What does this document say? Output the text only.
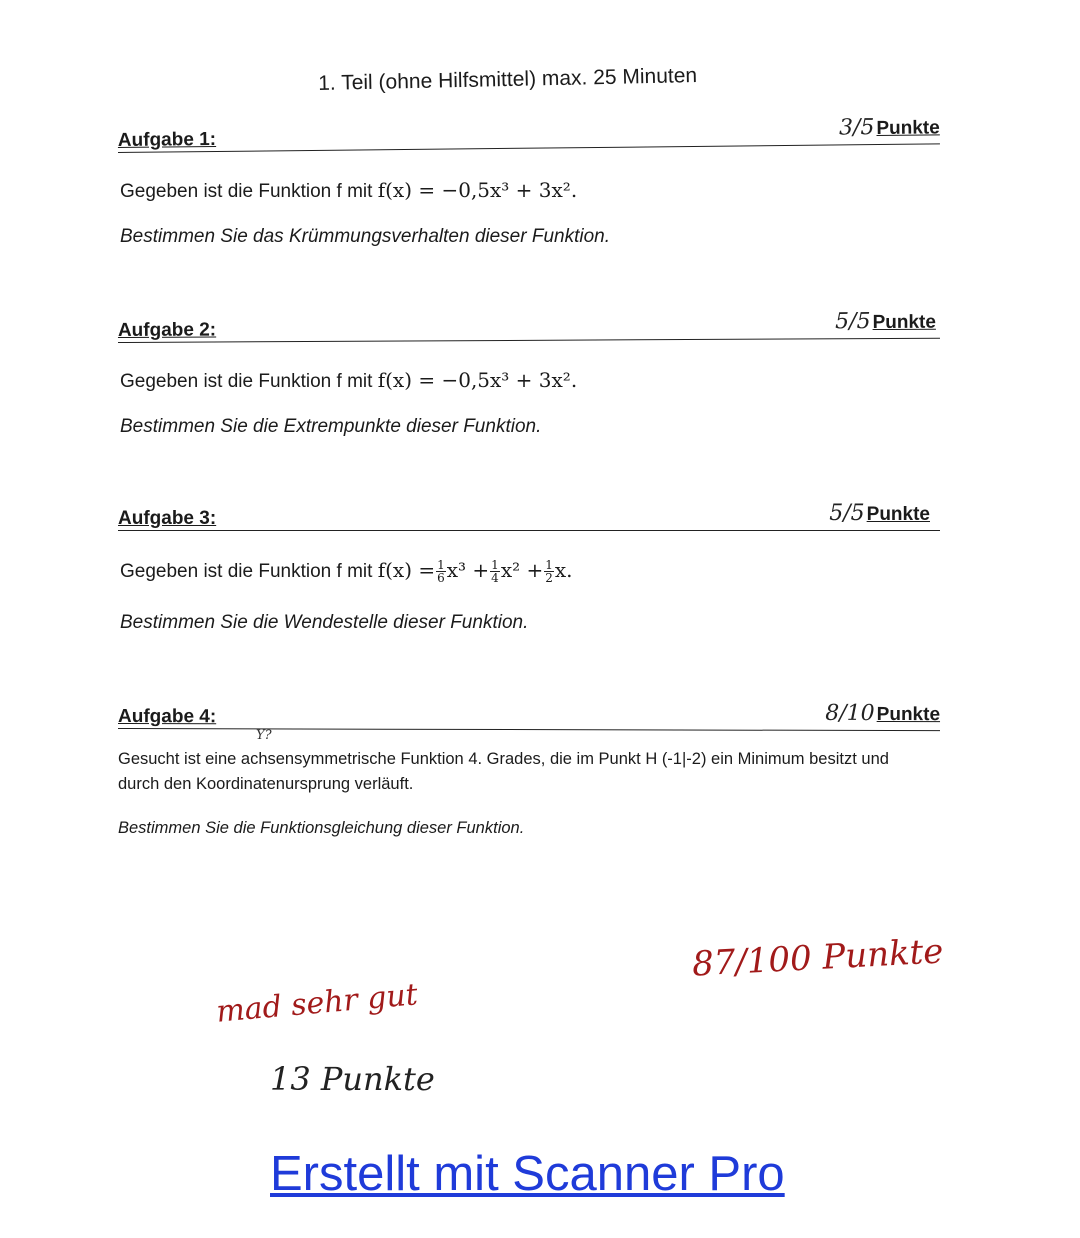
1. Teil (ohne Hilfsmittel) max. 25 Minuten
Aufgabe 1:	3/5 Punkte
Gegeben ist die Funktion f mit f(x) = −0,5x³ + 3x².
Bestimmen Sie das Krümmungsverhalten dieser Funktion.
Aufgabe 2:	5/5 Punkte
Gegeben ist die Funktion f mit f(x) = −0,5x³ + 3x².
Bestimmen Sie die Extrempunkte dieser Funktion.
Aufgabe 3:	5/5 Punkte
Gegeben ist die Funktion f mit $f(x) = \frac{1}{6} x^3 + \frac{1}{4} x^2 + \frac{1}{2} x$.
Bestimmen Sie die Wendestelle dieser Funktion.
Aufgabe 4:	8/10 Punkte
Y?
Gesucht ist eine achsensymmetrische Funktion 4. Grades, die im Punkt H (-1|-2) ein Minimum besitzt und
durch den Koordinatenursprung verläuft.
Bestimmen Sie die Funktionsgleichung dieser Funktion.
87/100 Punkte
mad sehr gut
13 Punkte
Erstellt mit Scanner Pro
